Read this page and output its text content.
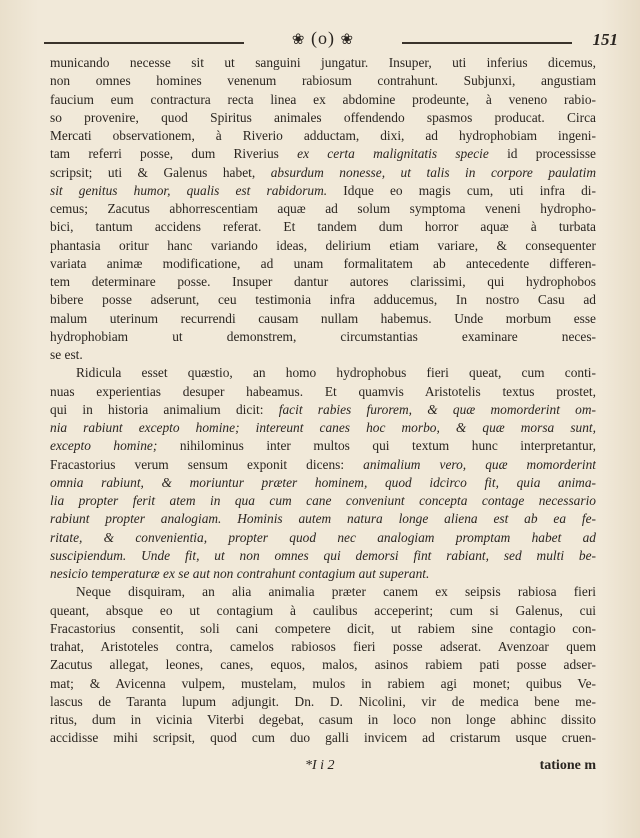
❀ (o) ❀	151
municando necesse sit ut sanguini jungatur. Insuper, uti inferius dicemus,
non omnes homines venenum rabiosum contrahunt. Subjunxi, angustiam
faucium eum contractura recta linea ex abdomine prodeunte, à veneno rabio-
so provenire, quod Spiritus animales offendendo spasmos producat. Circa
Mercati observationem, à Riverio adductam, dixi, ad hydrophobiam ingeni-
tam referri posse, dum Riverius ex certa malignitatis specie id processisse
scripsit; uti & Galenus habet, absurdum nonesse, ut talis in corpore paulatim
sit genitus humor, qualis est rabidorum. Idque eo magis cum, uti infra di-
cemus; Zacutus abhorrescentiam aquæ ad solum symptoma veneni hydropho-
bici, tantum accidens referat. Et tandem dum horror aquæ à turbata
phantasia oritur hanc variando ideas, delirium etiam variare, & consequenter
variata animæ modificatione, ad unam formalitatem ab antecedente differen-
tem determinare posse. Insuper dantur autores clarissimi, qui hydrophobos
bibere posse adserunt, ceu testimonia infra adducemus, In nostro Casu ad
malum uterinum recurrendi causam nullam habemus. Unde morbum esse
hydrophobiam ut demonstrem, circumstantias examinare neces-
se est.
Ridicula esset quæstio, an homo hydrophobus fieri queat, cum conti-
nuas experientias desuper habeamus. Et quamvis Aristotelis textus prostet,
qui in historia animalium dicit: facit rabies furorem, & quæ momorderint om-
nia rabiunt excepto homine; intereunt canes hoc morbo, & quæ morsa sunt,
excepto homine; nihilominus inter multos qui textum hunc interpretantur,
Fracastorius verum sensum exponit dicens: animalium vero, quæ momorderint
omnia rabiunt, & moriuntur præter hominem, quod idcirco fit, quia anima-
lia propter ferit atem in qua cum cane conveniunt concepta contage necessario
rabiunt propter analogiam. Hominis autem natura longe aliena est ab ea fe-
ritate, & convenientia, propter quod nec analogiam promptam habet ad
suscipiendum. Unde fit, ut non omnes qui demorsi fint rabiant, sed multi be-
nesicio temperaturæ ex se aut non contrahunt contagium aut superant.
Neque disquiram, an alia animalia præter canem ex seipsis rabiosa fieri
queant, absque eo ut contagium à caulibus acceperint; cum si Galenus, cui
Fracastorius consentit, soli cani competere dicit, ut rabiem sine contagio con-
trahat, Aristoteles contra, camelos rabiosos fieri posse adserat. Avenzoar quem
Zacutus allegat, leones, canes, equos, malos, asinos rabiem pati posse adser-
mat; & Avicenna vulpem, mustelam, mulos in rabiem agi monet; quibus Ve-
lascus de Taranta lupum adjungit. Dn. D. Nicolini, vir de medica bene me-
ritus, dum in vicinia Viterbi degebat, casum in loco non longe abhinc dissito
accidisse mihi scripsit, quod cum duo galli invicem ad cristarum usque cruen-
*I i 2	tatione m
